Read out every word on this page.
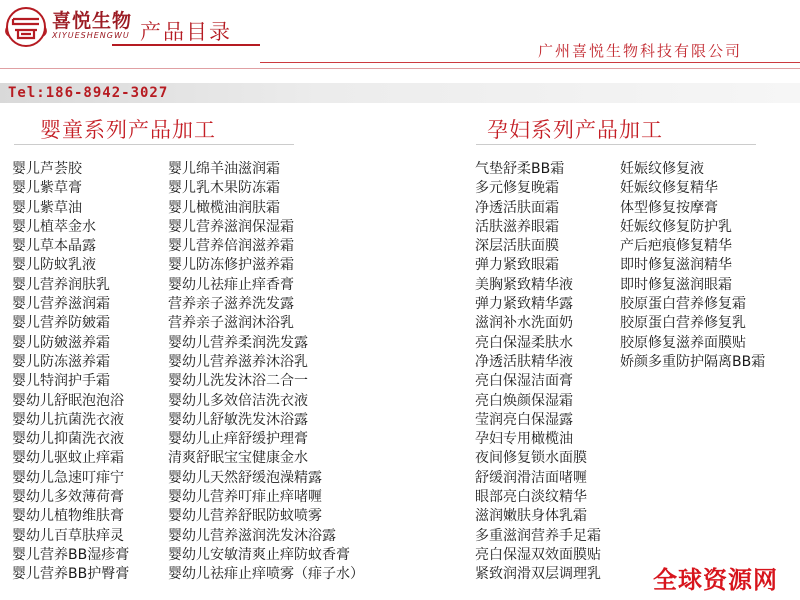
喜悦生物
XIYUESHENGWU 产品目录
广州喜悦生物科技有限公司
Tel:186-8942-3027
婴童系列产品加工	孕妇系列产品加工
婴儿芦荟胶
婴儿紫草膏
婴儿紫草油
婴儿植萃金水
婴儿草本晶露
婴儿防蚊乳液
婴儿营养润肤乳
婴儿营养滋润霜
婴儿营养防皴霜
婴儿防皴滋养霜
婴儿防冻滋养霜
婴儿特润护手霜
婴幼儿舒眠泡泡浴
婴幼儿抗菌洗衣液
婴幼儿抑菌洗衣液
婴幼儿驱蚊止痒霜
婴幼儿急速叮痱宁
婴幼儿多效薄荷膏
婴幼儿植物维肤膏
婴幼儿百草肤痒灵
婴儿营养BB湿疹膏
婴儿营养BB护臀膏
婴儿绵羊油滋润霜
婴儿乳木果防冻霜
婴儿橄榄油润肤霜
婴儿营养滋润保湿霜
婴儿营养倍润滋养霜
婴儿防冻修护滋养霜
婴幼儿祛痱止痒香膏
营养亲子滋养洗发露
营养亲子滋润沐浴乳
婴幼儿营养柔润洗发露
婴幼儿营养滋养沐浴乳
婴幼儿洗发沐浴二合一
婴幼儿多效倍洁洗衣液
婴幼儿舒敏洗发沐浴露
婴幼儿止痒舒缓护理膏
清爽舒眠宝宝健康金水
婴幼儿天然舒缓泡澡精露
婴幼儿营养叮痱止痒啫喱
婴幼儿营养舒眠防蚊喷雾
婴幼儿营养滋润洗发沐浴露
婴幼儿安敏清爽止痒防蚊香膏
婴幼儿祛痱止痒喷雾（痱子水）
气垫舒柔BB霜
多元修复晚霜
净透活肤面霜
活肤滋养眼霜
深层活肤面膜
弹力紧致眼霜
美胸紧致精华液
弹力紧致精华露
滋润补水洗面奶
亮白保湿柔肤水
净透活肤精华液
亮白保湿洁面膏
亮白焕颜保湿霜
莹润亮白保湿露
孕妇专用橄榄油
夜间修复锁水面膜
舒缓润滑洁面啫喱
眼部亮白淡纹精华
滋润嫩肤身体乳霜
多重滋润营养手足霜
亮白保湿双效面膜贴
紧致润滑双层调理乳
妊娠纹修复液
妊娠纹修复精华
体型修复按摩膏
妊娠纹修复防护乳
产后疤痕修复精华
即时修复滋润精华
即时修复滋润眼霜
胶原蛋白营养修复霜
胶原蛋白营养修复乳
胶原修复滋养面膜贴
娇颜多重防护隔离BB霜
全球资源网
